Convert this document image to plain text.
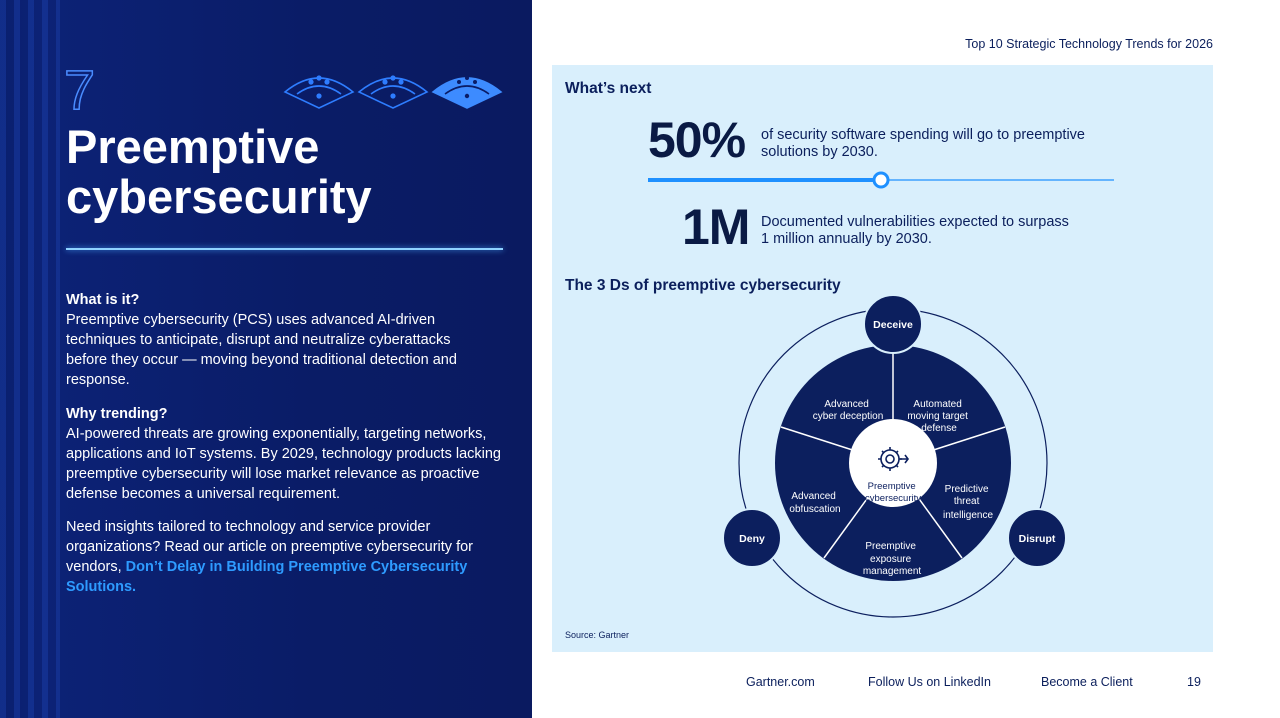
7
Preemptive
cybersecurity
What is it?

Preemptive cybersecurity (PCS) uses advanced AI-driven techniques to anticipate, disrupt and neutralize cyberattacks before they occur — moving beyond traditional detection and response.

Why trending?

AI-powered threats are growing exponentially, targeting networks, applications and IoT systems. By 2029, technology products lacking preemptive cybersecurity will lose market relevance as proactive defense becomes a universal requirement.

Need insights tailored to technology and service provider organizations? Read our article on preemptive cybersecurity for vendors, Don’t Delay in Building Preemptive Cybersecurity Solutions.
Top 10 Strategic Technology Trends for 2026
What’s next
50% of security software spending will go to preemptive
solutions by 2030.
1M Documented vulnerabilities expected to surpass
1 million annually by 2030.
The 3 Ds of preemptive cybersecurity
Preemptive cybersecurity
Advanced cyber deception
Automated moving target defense
Predictive threat intelligence
Preemptive exposure management
Advanced obfuscation
Deceive
Deny	Disrupt
Source: Gartner
Gartner.com	Follow Us on LinkedIn	Become a Client	19
